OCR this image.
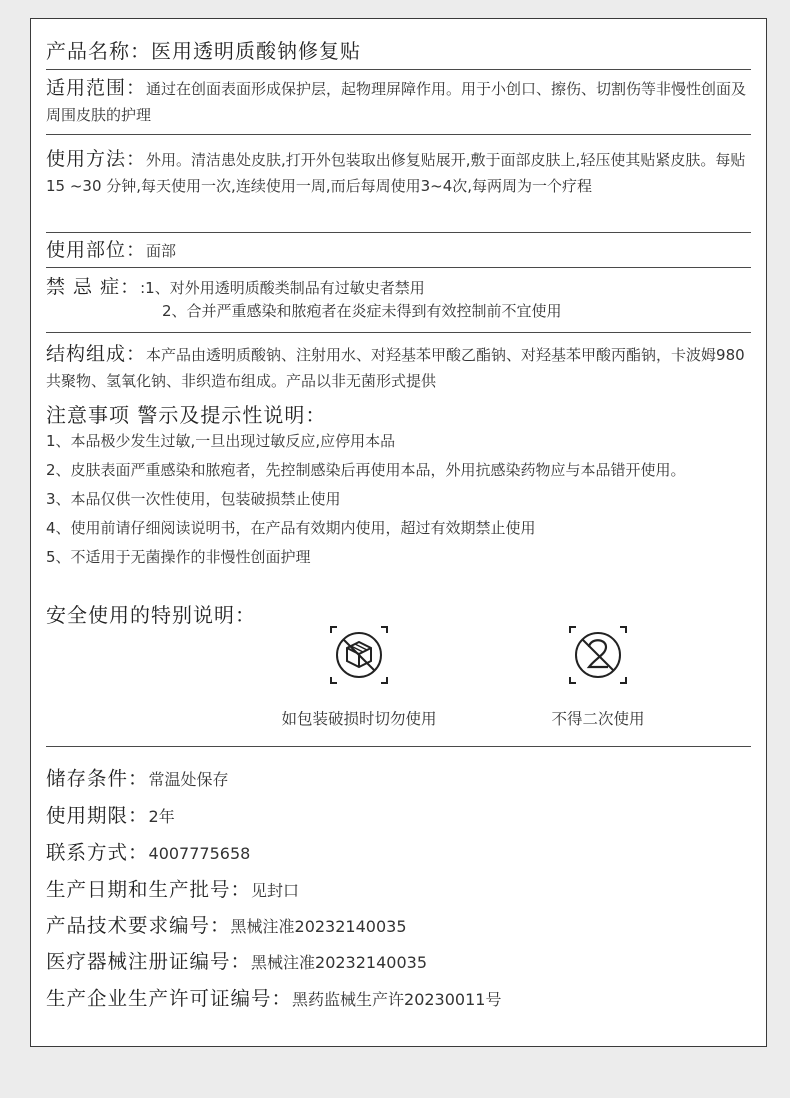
产品名称：医用透明质酸钠修复贴
适用范围：通过在创面表面形成保护层，起物理屏障作用。用于小创口、擦伤、切割伤等非慢性创面及周围皮肤的护理
使用方法：外用。清洁患处皮肤,打开外包装取出修复贴展开,敷于面部皮肤上,轻压使其贴紧皮肤。每贴15 ~30 分钟,每天使用一次,连续使用一周,而后每周使用3~4次,每两周为一个疗程
使用部位：面部
禁 忌 症：:1、对外用透明质酸类制品有过敏史者禁用
2、合并严重感染和脓疱者在炎症未得到有效控制前不宜使用
结构组成：本产品由透明质酸钠、注射用水、对羟基苯甲酸乙酯钠、对羟基苯甲酸丙酯钠，卡波姆980共聚物、氢氧化钠、非织造布组成。产品以非无菌形式提供
注意事项 警示及提示性说明：
1、本品极少发生过敏,一旦出现过敏反应,应停用本品
2、皮肤表面严重感染和脓疱者，先控制感染后再使用本品，外用抗感染药物应与本品错开使用。
3、本品仅供一次性使用，包装破损禁止使用
4、使用前请仔细阅读说明书，在产品有效期内使用，超过有效期禁止使用
5、不适用于无菌操作的非慢性创面护理
安全使用的特别说明：
如包装破损时切勿使用	不得二次使用
储存条件：常温处保存
使用期限：2年
联系方式：4007775658
生产日期和生产批号：见封口
产品技术要求编号：黑械注准20232140035
医疗器械注册证编号：黑械注准20232140035
生产企业生产许可证编号：黑药监械生产许20230011号
